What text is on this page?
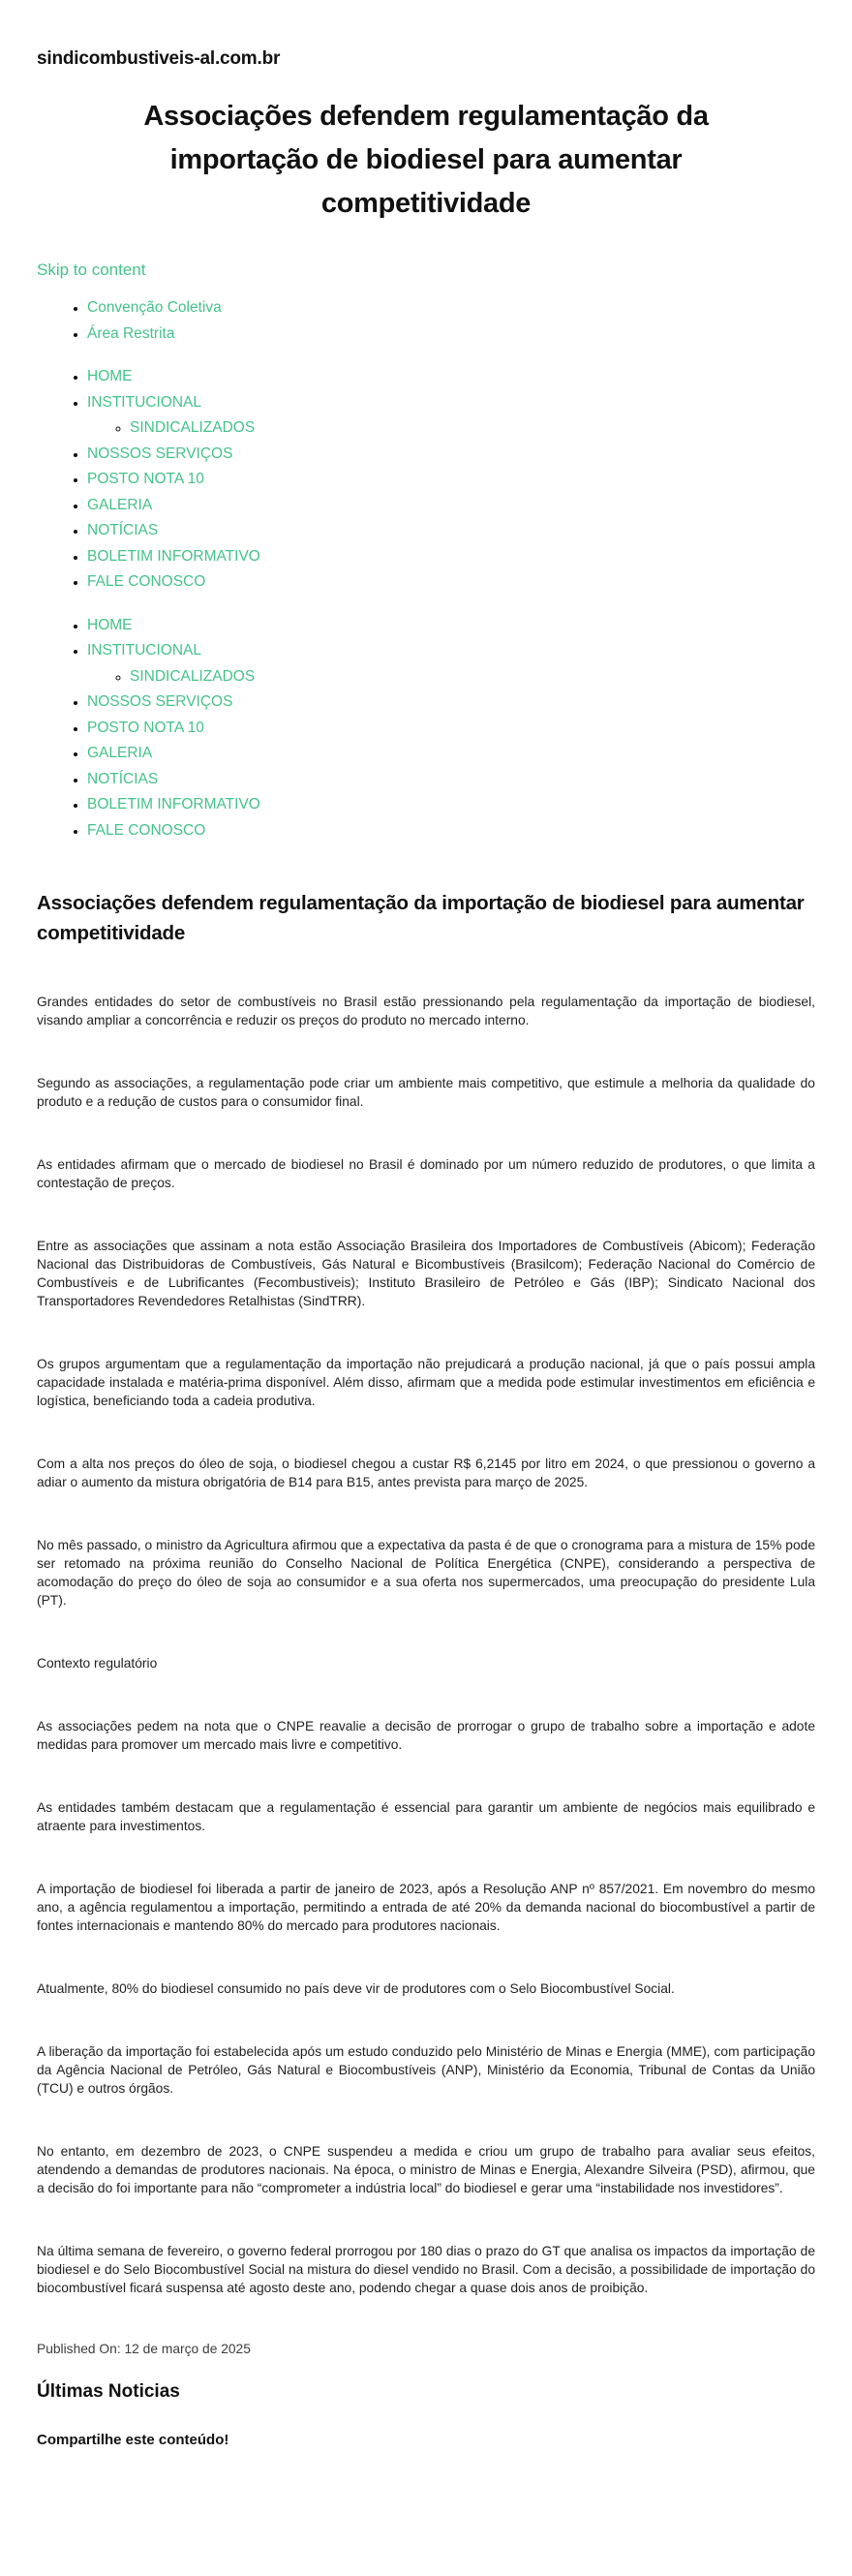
sindicombustiveis-al.com.br
Associações defendem regulamentação da importação de biodiesel para aumentar competitividade
Skip to content
• Convenção Coletiva
• Área Restrita
• HOME
• INSTITUCIONAL
◦ SINDICALIZADOS
• NOSSOS SERVIÇOS
• POSTO NOTA 10
• GALERIA
• NOTÍCIAS
• BOLETIM INFORMATIVO
• FALE CONOSCO
• HOME
• INSTITUCIONAL
◦ SINDICALIZADOS
• NOSSOS SERVIÇOS
• POSTO NOTA 10
• GALERIA
• NOTÍCIAS
• BOLETIM INFORMATIVO
• FALE CONOSCO
Associações defendem regulamentação da importação de biodiesel para aumentar competitividade

Grandes entidades do setor de combustíveis no Brasil estão pressionando pela regulamentação da importação de biodiesel, visando ampliar a concorrência e reduzir os preços do produto no mercado interno.

Segundo as associações, a regulamentação pode criar um ambiente mais competitivo, que estimule a melhoria da qualidade do produto e a redução de custos para o consumidor final.

As entidades afirmam que o mercado de biodiesel no Brasil é dominado por um número reduzido de produtores, o que limita a contestação de preços.

Entre as associações que assinam a nota estão Associação Brasileira dos Importadores de Combustíveis (Abicom); Federação Nacional das Distribuidoras de Combustíveis, Gás Natural e Bicombustíveis (Brasilcom); Federação Nacional do Comércio de Combustíveis e de Lubrificantes (Fecombustiveis); Instituto Brasileiro de Petróleo e Gás (IBP); Sindicato Nacional dos Transportadores Revendedores Retalhistas (SindTRR).

Os grupos argumentam que a regulamentação da importação não prejudicará a produção nacional, já que o país possui ampla capacidade instalada e matéria-prima disponível. Além disso, afirmam que a medida pode estimular investimentos em eficiência e logística, beneficiando toda a cadeia produtiva.

Com a alta nos preços do óleo de soja, o biodiesel chegou a custar R$ 6,2145 por litro em 2024, o que pressionou o governo a adiar o aumento da mistura obrigatória de B14 para B15, antes prevista para março de 2025.

No mês passado, o ministro da Agricultura afirmou que a expectativa da pasta é de que o cronograma para a mistura de 15% pode ser retomado na próxima reunião do Conselho Nacional de Política Energética (CNPE), considerando a perspectiva de acomodação do preço do óleo de soja ao consumidor e a sua oferta nos supermercados, uma preocupação do presidente Lula (PT).

Contexto regulatório

As associações pedem na nota que o CNPE reavalie a decisão de prorrogar o grupo de trabalho sobre a importação e adote medidas para promover um mercado mais livre e competitivo.

As entidades também destacam que a regulamentação é essencial para garantir um ambiente de negócios mais equilibrado e atraente para investimentos.

A importação de biodiesel foi liberada a partir de janeiro de 2023, após a Resolução ANP nº 857/2021. Em novembro do mesmo ano, a agência regulamentou a importação, permitindo a entrada de até 20% da demanda nacional do biocombustível a partir de fontes internacionais e mantendo 80% do mercado para produtores nacionais.

Atualmente, 80% do biodiesel consumido no país deve vir de produtores com o Selo Biocombustível Social.

A liberação da importação foi estabelecida após um estudo conduzido pelo Ministério de Minas e Energia (MME), com participação da Agência Nacional de Petróleo, Gás Natural e Biocombustíveis (ANP), Ministério da Economia, Tribunal de Contas da União (TCU) e outros órgãos.

No entanto, em dezembro de 2023, o CNPE suspendeu a medida e criou um grupo de trabalho para avaliar seus efeitos, atendendo a demandas de produtores nacionais. Na época, o ministro de Minas e Energia, Alexandre Silveira (PSD), afirmou, que a decisão do foi importante para não “comprometer a indústria local” do biodiesel e gerar uma “instabilidade nos investidores”.

Na última semana de fevereiro, o governo federal prorrogou por 180 dias o prazo do GT que analisa os impactos da importação de biodiesel e do Selo Biocombustível Social na mistura do diesel vendido no Brasil. Com a decisão, a possibilidade de importação do biocombustível ficará suspensa até agosto deste ano, podendo chegar a quase dois anos de proibição.

Published On: 12 de março de 2025

Últimas Noticias

Compartilhe este conteúdo!
